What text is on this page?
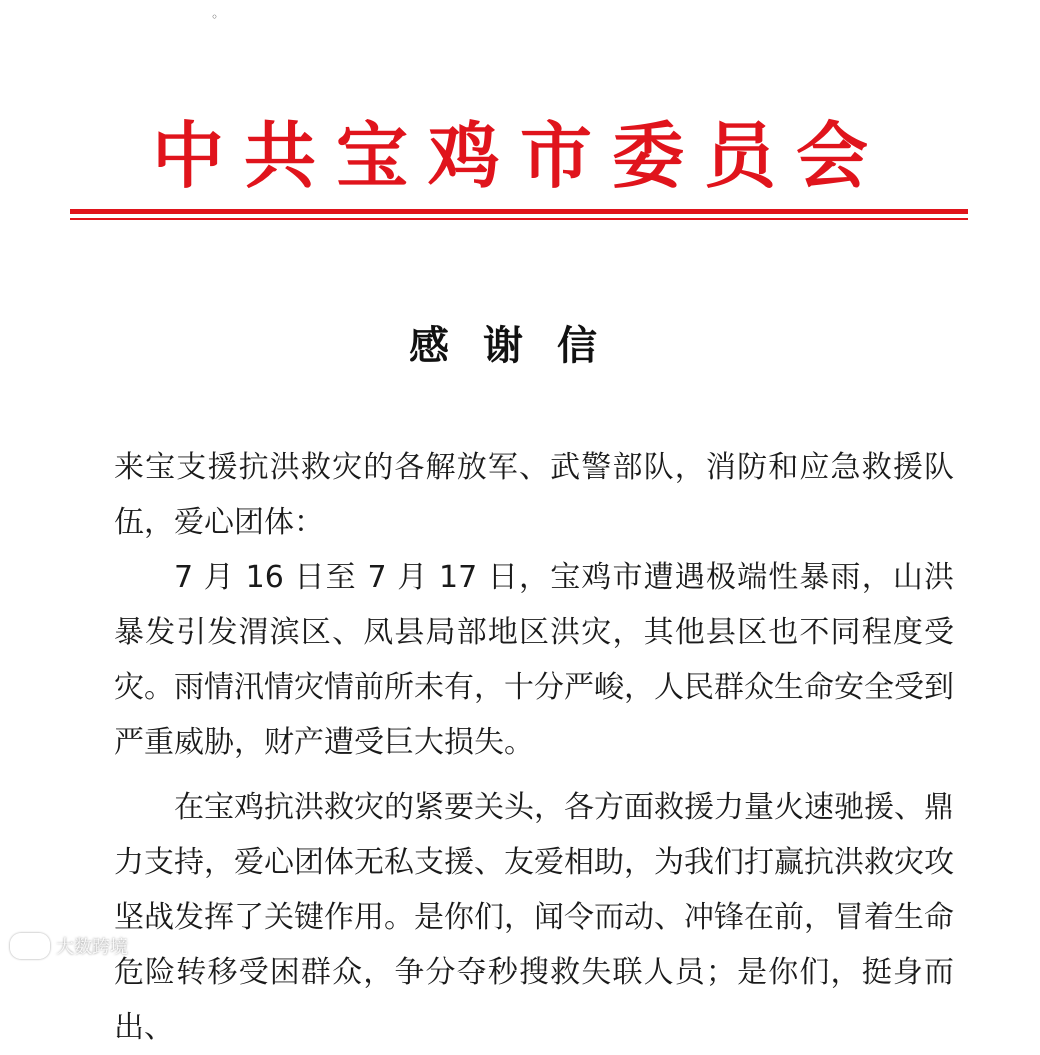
◦
中共宝鸡市委员会
感谢信

来宝支援抗洪救灾的各解放军、武警部队，消防和应急救援队伍，爱心团体：

7 月 16 日至 7 月 17 日，宝鸡市遭遇极端性暴雨，山洪暴发引发渭滨区、凤县局部地区洪灾，其他县区也不同程度受灾。雨情汛情灾情前所未有，十分严峻，人民群众生命安全受到严重威胁，财产遭受巨大损失。

在宝鸡抗洪救灾的紧要关头，各方面救援力量火速驰援、鼎力支持，爱心团体无私支援、友爱相助，为我们打赢抗洪救灾攻坚战发挥了关键作用。是你们，闻令而动、冲锋在前，冒着生命危险转移受困群众，争分夺秒搜救失联人员；是你们，挺身而出、

大数跨境
